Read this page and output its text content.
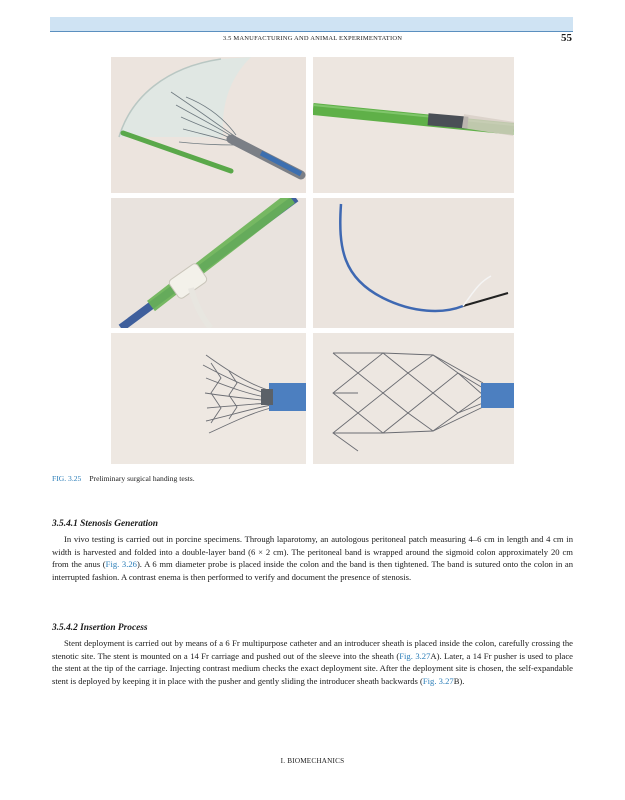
3.5 MANUFACTURING AND ANIMAL EXPERIMENTATION	55
FIG. 3.25 Preliminary surgical handing tests.
3.5.4.1 Stenosis Generation

In vivo testing is carried out in porcine specimens. Through laparotomy, an autologous peritoneal patch measuring 4–6 cm in length and 4 cm in width is harvested and folded into a double-layer band (6 × 2 cm). The peritoneal band is wrapped around the sigmoid colon approximately 20 cm from the anus (Fig. 3.26). A 6 mm diameter probe is placed inside the colon and the band is then tightened. The band is sutured onto the colon in an interrupted fashion. A contrast enema is then performed to verify and document the presence of stenosis.

3.5.4.2 Insertion Process

Stent deployment is carried out by means of a 6 Fr multipurpose catheter and an introducer sheath is placed inside the colon, carefully crossing the stenotic site. The stent is mounted on a 14 Fr carriage and pushed out of the sleeve into the sheath (Fig. 3.27A). Later, a 14 Fr pusher is used to place the stent at the tip of the carriage. Injecting contrast medium checks the exact deployment site. After the deployment site is chosen, the self-expandable stent is deployed by keeping it in place with the pusher and gently sliding the introducer sheath backwards (Fig. 3.27B).

I. BIOMECHANICS
